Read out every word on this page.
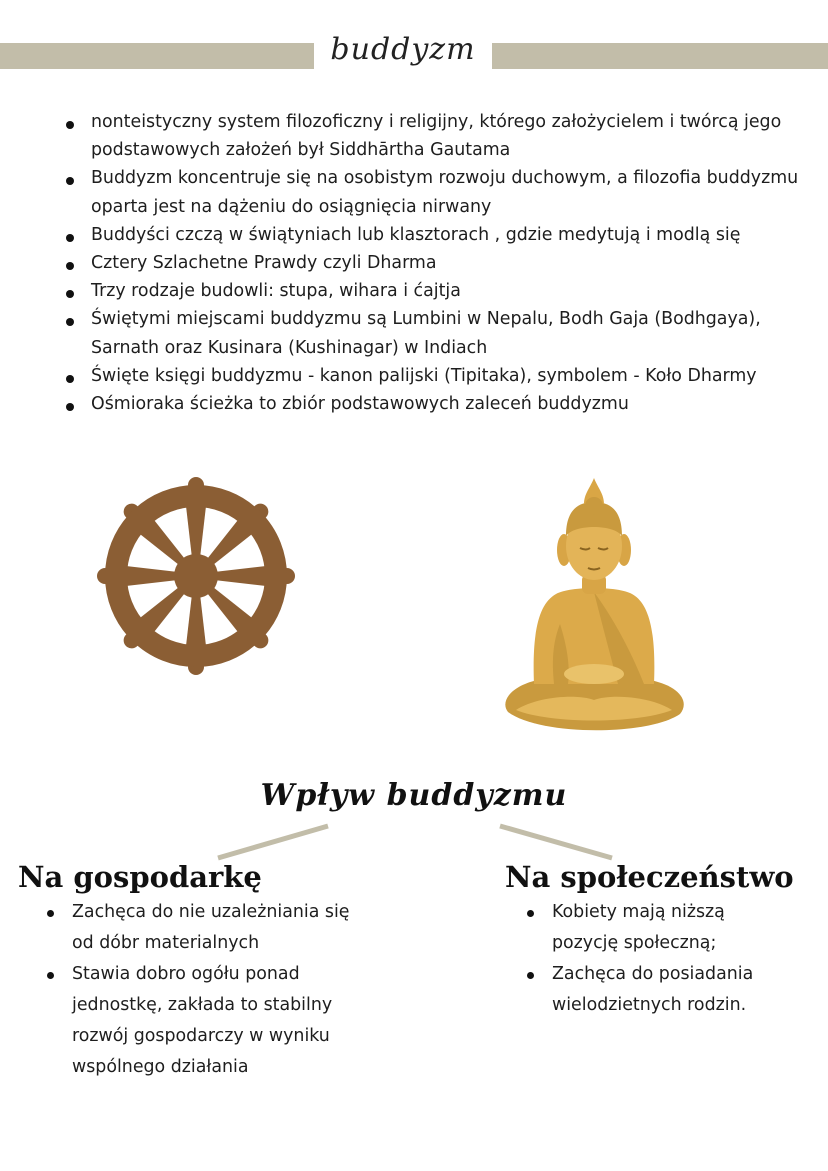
buddyzm
nonteistyczny system filozoficzny i religijny, którego założycielem i twórcą jego podstawowych założeń był Siddhārtha Gautama
Buddyzm koncentruje się na osobistym rozwoju duchowym, a filozofia buddyzmu oparta jest na dążeniu do osiągnięcia nirwany
Buddyści czczą w świątyniach lub klasztorach , gdzie medytują i modlą się
Cztery Szlachetne Prawdy czyli Dharma
Trzy rodzaje budowli: stupa, wihara i ćajtja
Świętymi miejscami buddyzmu są Lumbini w Nepalu, Bodh Gaja (Bodhgaya), Sarnath oraz Kusinara (Kushinagar) w Indiach
Święte księgi buddyzmu - kanon palijski (Tipitaka), symbolem - Koło Dharmy
Ośmioraka ścieżka to zbiór podstawowych zaleceń buddyzmu
Wpływ buddyzmu
Na gospodarkę
Zachęca do nie uzależniania się od dóbr materialnych
Stawia dobro ogółu ponad jednostkę, zakłada to stabilny rozwój gospodarczy w wyniku wspólnego działania
Na społeczeństwo
Kobiety mają niższą pozycję społeczną;
Zachęca do posiadania wielodzietnych rodzin.
